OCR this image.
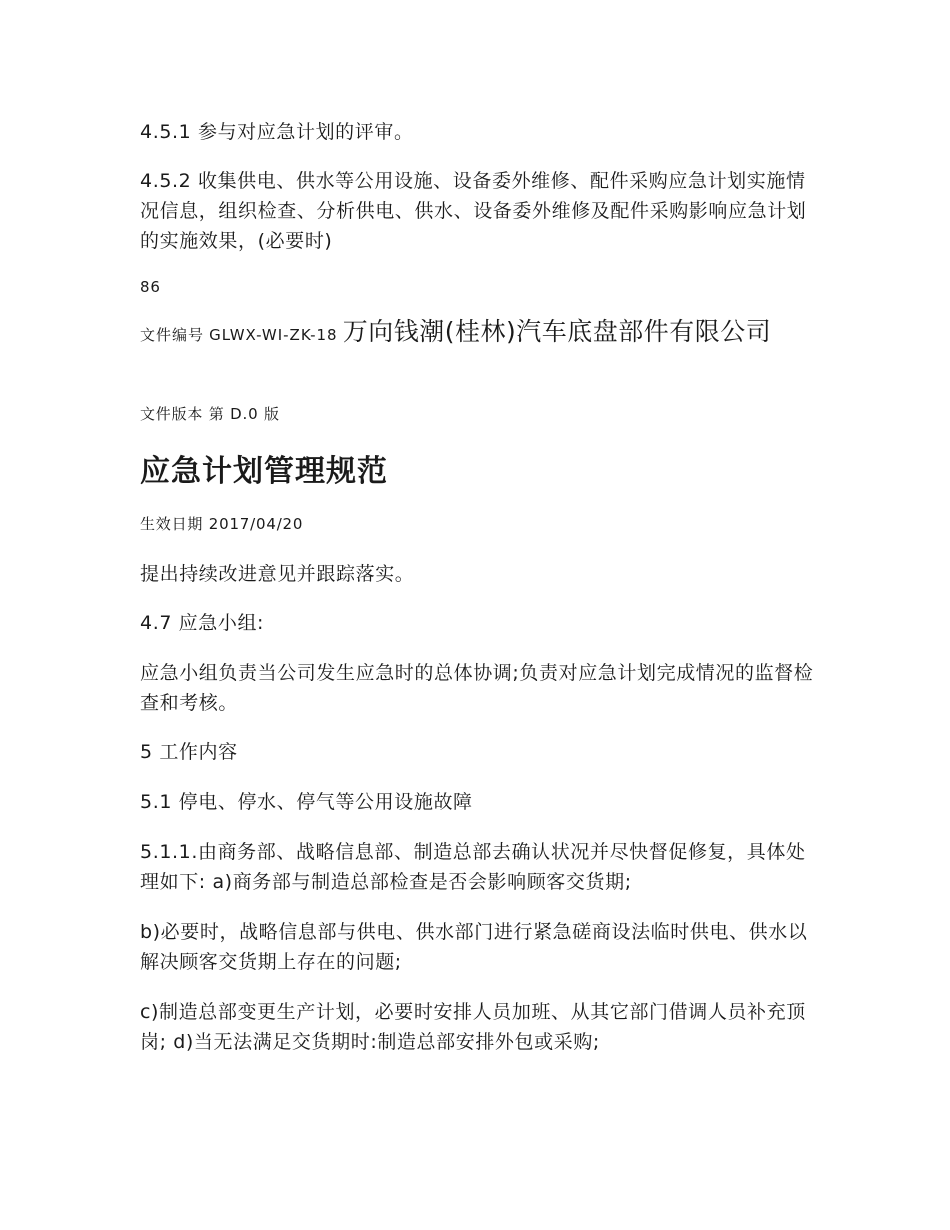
4.5.1 参与对应急计划的评审。

4.5.2 收集供电、供水等公用设施、设备委外维修、配件采购应急计划实施情况信息，组织检查、分析供电、供水、设备委外维修及配件采购影响应急计划的实施效果，(必要时)

86

文件编号 GLWX-WI-ZK-18 万向钱潮(桂林)汽车底盘部件有限公司

文件版本 第 D.0 版

应急计划管理规范

生效日期 2017/04/20

提出持续改进意见并跟踪落实。

4.7 应急小组:

应急小组负责当公司发生应急时的总体协调;负责对应急计划完成情况的监督检查和考核。

5 工作内容

5.1 停电、停水、停气等公用设施故障

5.1.1.由商务部、战略信息部、制造总部去确认状况并尽快督促修复，具体处理如下: a)商务部与制造总部检查是否会影响顾客交货期;

b)必要时，战略信息部与供电、供水部门进行紧急磋商设法临时供电、供水以解决顾客交货期上存在的问题;

c)制造总部变更生产计划，必要时安排人员加班、从其它部门借调人员补充顶岗; d)当无法满足交货期时:制造总部安排外包或采购;
